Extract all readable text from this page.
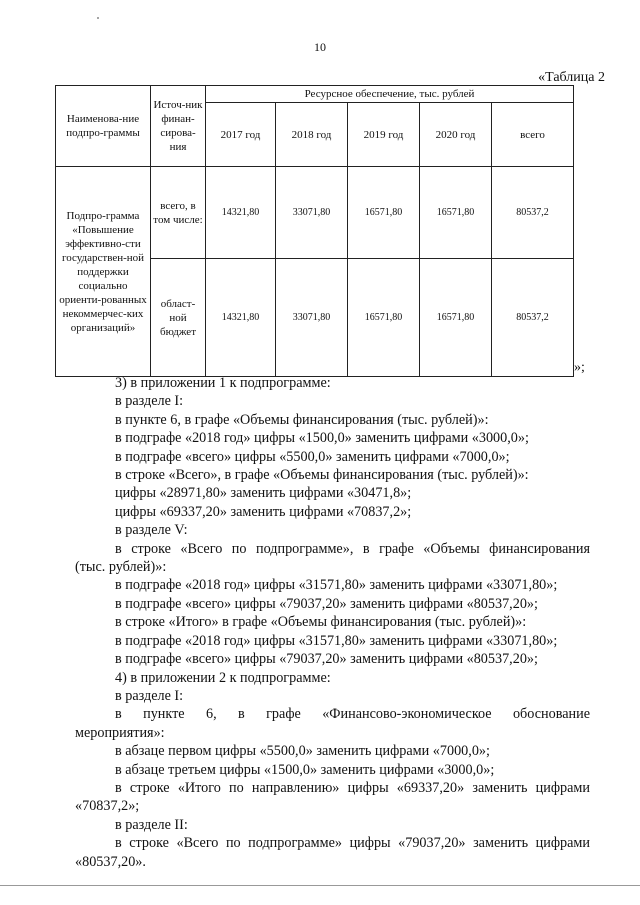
10
«Таблица 2
Наименова-ние подпро-граммы	Источ-ник финан-сирова-ния	Ресурсное обеспечение, тыс. рублей				
		2017 год	2018 год	2019 год	2020 год	всего
Подпро-грамма «Повышение эффективно-сти государствен-ной поддержки социально ориенти-рованных некоммерчес-ких организаций»	всего, в том числе:	14321,80	33071,80	16571,80	16571,80	80537,2
	област-ной бюджет	14321,80	33071,80	16571,80	16571,80	80537,2
»;

3) в приложении 1 к подпрограмме:

в разделе I:

в пункте 6, в графе «Объемы финансирования (тыс. рублей)»:

в подграфе «2018 год» цифры «1500,0» заменить цифрами «3000,0»;

в подграфе «всего» цифры «5500,0» заменить цифрами «7000,0»;

в строке «Всего», в графе «Объемы финансирования (тыс. рублей)»:

цифры «28971,80» заменить цифрами «30471,8»;

цифры «69337,20» заменить цифрами «70837,2»;

в разделе V:

в строке «Всего по подпрограмме», в графе «Объемы финансирования

(тыс. рублей)»:

в подграфе «2018 год» цифры «31571,80» заменить цифрами «33071,80»;

в подграфе «всего» цифры «79037,20» заменить цифрами «80537,20»;

в строке «Итого» в графе «Объемы финансирования (тыс. рублей)»:

в подграфе «2018 год» цифры «31571,80» заменить цифрами «33071,80»;

в подграфе «всего» цифры «79037,20» заменить цифрами «80537,20»;

4) в приложении 2 к подпрограмме:

в разделе I:

в пункте 6, в графе «Финансово-экономическое обоснование

мероприятия»:

в абзаце первом цифры «5500,0» заменить цифрами «7000,0»;

в абзаце третьем цифры «1500,0» заменить цифрами «3000,0»;

в строке «Итого по направлению» цифры «69337,20» заменить цифрами

«70837,2»;

в разделе II:

в строке «Всего по подпрограмме» цифры «79037,20» заменить цифрами

«80537,20».
